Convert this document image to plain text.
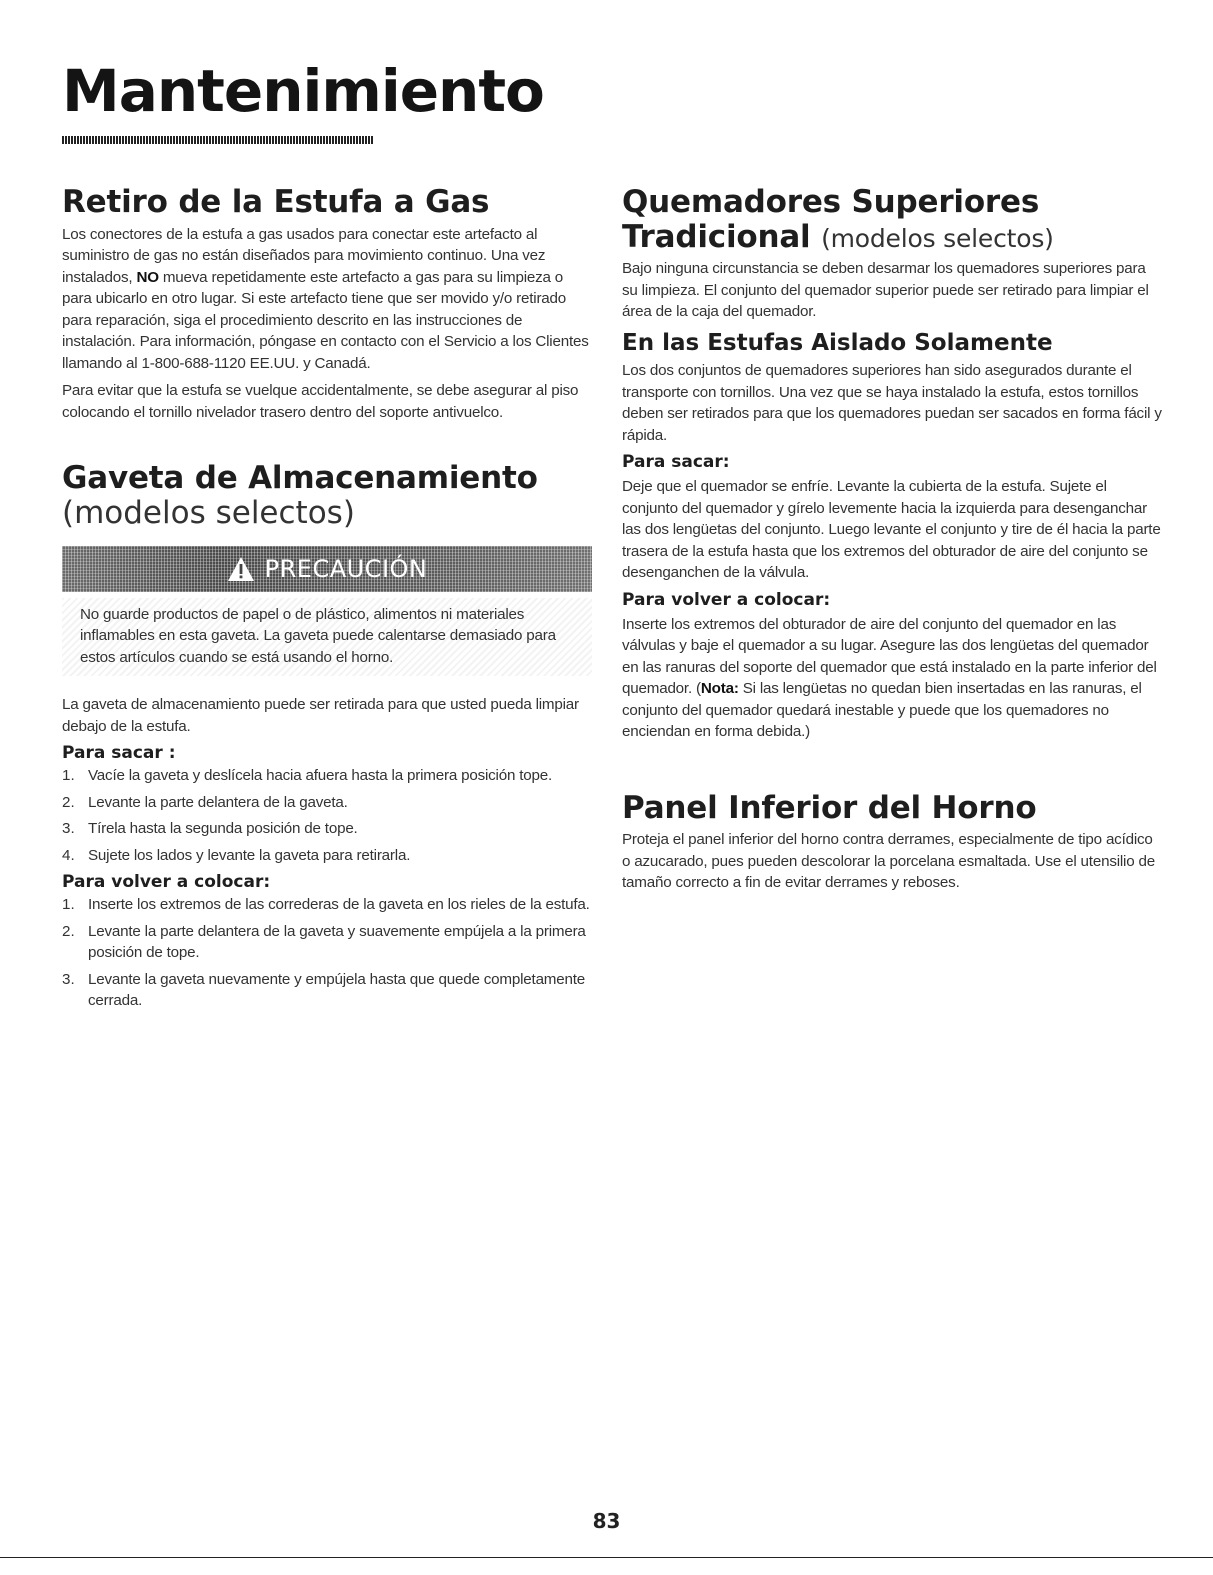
Mantenimiento
Retiro de la Estufa a Gas

Los conectores de la estufa a gas usados para conectar este artefacto al suministro de gas no están diseñados para movimiento continuo. Una vez instalados, NO mueva repetidamente este artefacto a gas para su limpieza o para ubicarlo en otro lugar. Si este artefacto tiene que ser movido y/o retirado para reparación, siga el procedimiento descrito en las instrucciones de instalación. Para información, póngase en contacto con el Servicio a los Clientes llamando al 1-800-688-1120 EE.UU. y Canadá.

Para evitar que la estufa se vuelque accidentalmente, se debe asegurar al piso colocando el tornillo nivelador trasero dentro del soporte antivuelco.

Gaveta de Almacenamiento
(modelos selectos)
PRECAUCIÓN

No guarde productos de papel o de plástico, alimentos ni materiales inflamables en esta gaveta. La gaveta puede calentarse demasiado para estos artículos cuando se está usando el horno.

La gaveta de almacenamiento puede ser retirada para que usted pueda limpiar debajo de la estufa.

Para sacar :
1. Vacíe la gaveta y deslícela hacia afuera hasta la primera posición tope.
2. Levante la parte delantera de la gaveta.
3. Tírela hasta la segunda posición de tope.
4. Sujete los lados y levante la gaveta para retirarla.
Para volver a colocar:
1. Inserte los extremos de las correderas de la gaveta en los rieles de la estufa.
2. Levante la parte delantera de la gaveta y suavemente empújela a la primera posición de tope.
3. Levante la gaveta nuevamente y empújela hasta que quede completamente cerrada.
Quemadores Superiores
Tradicional (modelos selectos)

Bajo ninguna circunstancia se deben desarmar los quemadores superiores para su limpieza. El conjunto del quemador superior puede ser retirado para limpiar el área de la caja del quemador.

En las Estufas Aislado Solamente

Los dos conjuntos de quemadores superiores han sido asegurados durante el transporte con tornillos. Una vez que se haya instalado la estufa, estos tornillos deben ser retirados para que los quemadores puedan ser sacados en forma fácil y rápida.

Para sacar:

Deje que el quemador se enfríe. Levante la cubierta de la estufa. Sujete el conjunto del quemador y gírelo levemente hacia la izquierda para desenganchar las dos lengüetas del conjunto. Luego levante el conjunto y tire de él hacia la parte trasera de la estufa hasta que los extremos del obturador de aire del conjunto se desenganchen de la válvula.

Para volver a colocar:

Inserte los extremos del obturador de aire del conjunto del quemador en las válvulas y baje el quemador a su lugar. Asegure las dos lengüetas del quemador en las ranuras del soporte del quemador que está instalado en la parte inferior del quemador. (Nota: Si las lengüetas no quedan bien insertadas en las ranuras, el conjunto del quemador quedará inestable y puede que los quemadores no enciendan en forma debida.)

Panel Inferior del Horno

Proteja el panel inferior del horno contra derrames, especialmente de tipo acídico o azucarado, pues pueden descolorar la porcelana esmaltada. Use el utensilio de tamaño correcto a fin de evitar derrames y reboses.

83
